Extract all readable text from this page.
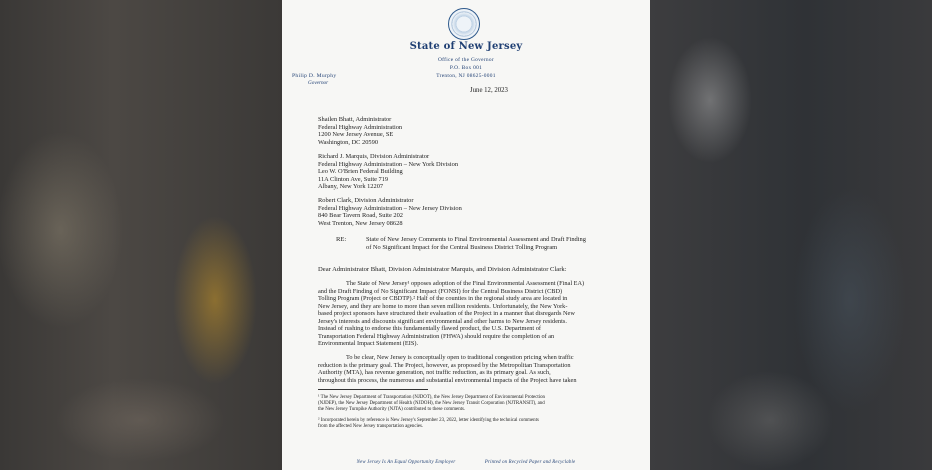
State of New Jersey
Office of the Governor
P.O. Box 001
Trenton, NJ 08625-0001
Philip D. Murphy
Governor
June 12, 2023
Shailen Bhatt, Administrator
Federal Highway Administration
1200 New Jersey Avenue, SE
Washington, DC 20590
Richard J. Marquis, Division Administrator
Federal Highway Administration – New York Division
Leo W. O'Brien Federal Building
11A Clinton Ave, Suite 719
Albany, New York 12207
Robert Clark, Division Administrator
Federal Highway Administration – New Jersey Division
840 Bear Tavern Road, Suite 202
West Trenton, New Jersey 08628
RE:	State of New Jersey Comments to Final Environmental Assessment and Draft Finding
of No Significant Impact for the Central Business District Tolling Program
Dear Administrator Bhatt, Division Administrator Marquis, and Division Administrator Clark:
The State of New Jersey¹ opposes adoption of the Final Environmental Assessment (Final EA)
and the Draft Finding of No Significant Impact (FONSI) for the Central Business District (CBD)
Tolling Program (Project or CBDTP).² Half of the counties in the regional study area are located in
New Jersey, and they are home to more than seven million residents. Unfortunately, the New York-
based project sponsors have structured their evaluation of the Project in a manner that disregards New
Jersey's interests and discounts significant environmental and other harms to New Jersey residents.
Instead of rushing to endorse this fundamentally flawed product, the U.S. Department of
Transportation Federal Highway Administration (FHWA) should require the completion of an
Environmental Impact Statement (EIS).
To be clear, New Jersey is conceptually open to traditional congestion pricing when traffic
reduction is the primary goal. The Project, however, as proposed by the Metropolitan Transportation
Authority (MTA), has revenue generation, not traffic reduction, as its primary goal. As such,
throughout this process, the numerous and substantial environmental impacts of the Project have taken
¹ The New Jersey Department of Transportation (NJDOT), the New Jersey Department of Environmental Protection
(NJDEP), the New Jersey Department of Health (NJDOH), the New Jersey Transit Corporation (NJTRANSIT), and
the New Jersey Turnpike Authority (NJTA) contributed to these comments.
² Incorporated herein by reference is New Jersey's September 23, 2022, letter identifying the technical comments
from the affected New Jersey transportation agencies.
New Jersey Is An Equal Opportunity Employer	Printed on Recycled Paper and Recyclable
